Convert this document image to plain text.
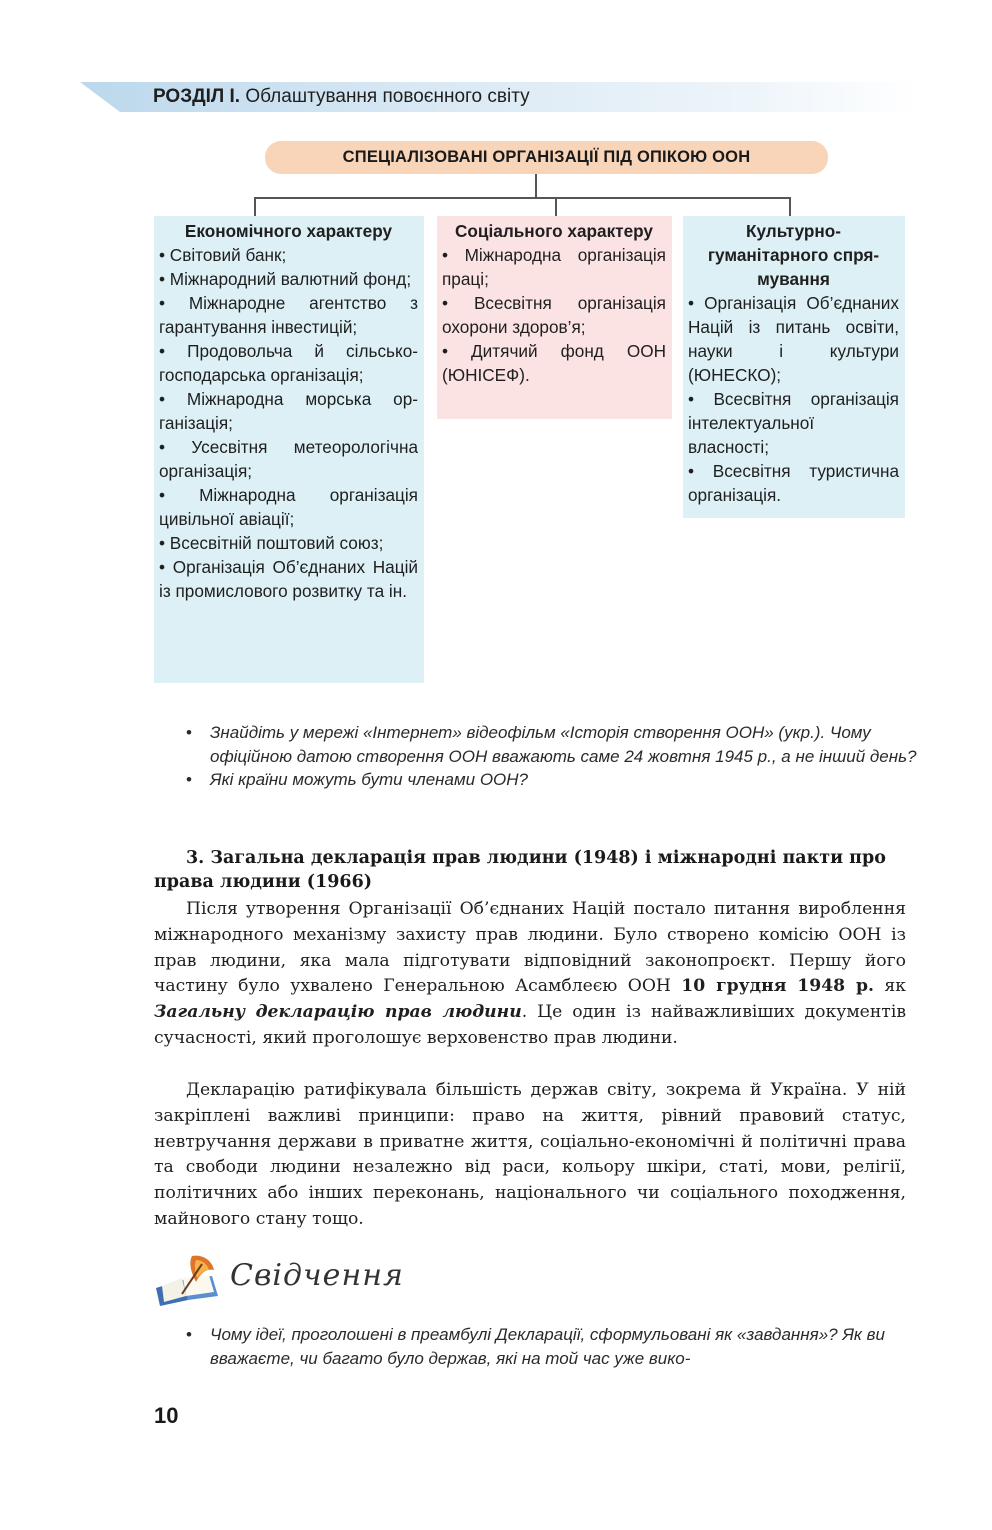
РОЗДІЛ І. Облаштування повоєнного світу
СПЕЦІАЛІЗОВАНІ ОРГАНІЗАЦІЇ ПІД ОПІКОЮ ООН
Економічного характеру
• Світовий банк;
• Міжнародний валютний фонд;
• Міжнародне агентство з гарантування інвестицій;
• Продовольча й сільськогосподарська організація;
• Міжнародна морська організація;
• Усесвітня метеорологічна організація;
• Міжнародна організація цивільної авіації;
• Всесвітній поштовий союз;
• Організація Об’єднаних Націй із промислового розвитку та ін.
Соціального характеру
• Міжнародна організація праці;
• Всесвітня організація охорони здоров’я;
• Дитячий фонд ООН (ЮНІСЕФ).
Культурно-гуманітарного спрямування
• Організація Об’єднаних Націй із питань освіти, науки і культури (ЮНЕСКО);
• Всесвітня організація інтелектуальної власності;
• Всесвітня туристична організація.
• Знайдіть у мережі «Інтернет» відеофільм «Історія створення ООН» (укр.). Чому офіційною датою створення ООН вважають саме 24 жовтня 1945 р., а не інший день?
• Які країни можуть бути членами ООН?
3. Загальна декларація прав людини (1948) і міжнародні пакти про права людини (1966)
Після утворення Організації Об’єднаних Націй постало питання вироблення міжнародного механізму захисту прав людини. Було створено комісію ООН із прав людини, яка мала підготувати відповідний законопроєкт. Першу його частину було ухвалено Генеральною Асамблеєю ООН 10 грудня 1948 р. як Загальну декларацію прав людини. Це один із найважливіших документів сучасності, який проголошує верховенство прав людини.
Декларацію ратифікувала більшість держав світу, зокрема й Україна. У ній закріплені важливі принципи: право на життя, рівний правовий статус, невтручання держави в приватне життя, соціально-економічні й політичні права та свободи людини незалежно від раси, кольору шкіри, статі, мови, релігії, політичних або інших переконань, національного чи соціального походження, майнового стану тощо.
Свідчення
• Чому ідеї, проголошені в преамбулі Декларації, сформульовані як «завдання»? Як ви вважаєте, чи багато було держав, які на той час уже вико-
10
